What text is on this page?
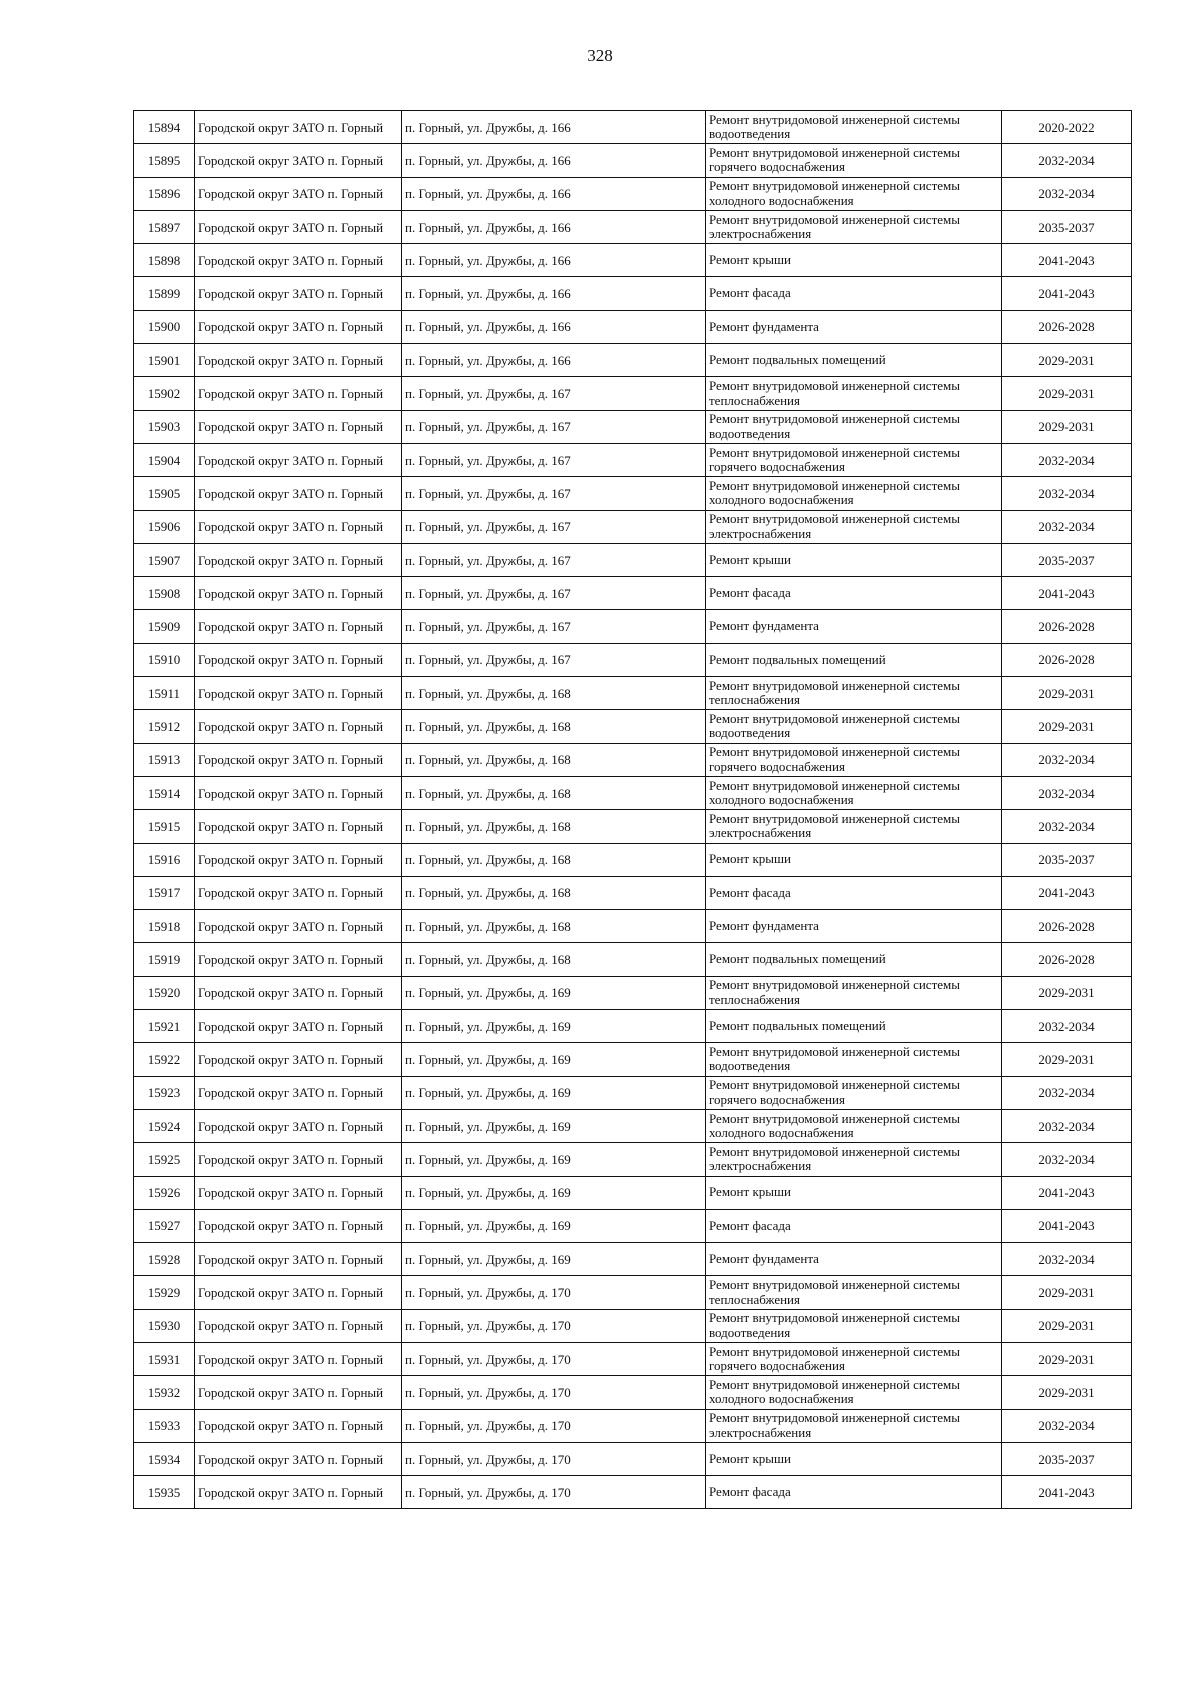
328
15894	Городской округ ЗАТО п. Горный	п. Горный, ул. Дружбы, д. 166	Ремонт внутридомовой инженерной системы водоотведения	2020-2022
15895	Городской округ ЗАТО п. Горный	п. Горный, ул. Дружбы, д. 166	Ремонт внутридомовой инженерной системы горячего водоснабжения	2032-2034
15896	Городской округ ЗАТО п. Горный	п. Горный, ул. Дружбы, д. 166	Ремонт внутридомовой инженерной системы холодного водоснабжения	2032-2034
15897	Городской округ ЗАТО п. Горный	п. Горный, ул. Дружбы, д. 166	Ремонт внутридомовой инженерной системы электроснабжения	2035-2037
15898	Городской округ ЗАТО п. Горный	п. Горный, ул. Дружбы, д. 166	Ремонт крыши	2041-2043
15899	Городской округ ЗАТО п. Горный	п. Горный, ул. Дружбы, д. 166	Ремонт фасада	2041-2043
15900	Городской округ ЗАТО п. Горный	п. Горный, ул. Дружбы, д. 166	Ремонт фундамента	2026-2028
15901	Городской округ ЗАТО п. Горный	п. Горный, ул. Дружбы, д. 166	Ремонт подвальных помещений	2029-2031
15902	Городской округ ЗАТО п. Горный	п. Горный, ул. Дружбы, д. 167	Ремонт внутридомовой инженерной системы теплоснабжения	2029-2031
15903	Городской округ ЗАТО п. Горный	п. Горный, ул. Дружбы, д. 167	Ремонт внутридомовой инженерной системы водоотведения	2029-2031
15904	Городской округ ЗАТО п. Горный	п. Горный, ул. Дружбы, д. 167	Ремонт внутридомовой инженерной системы горячего водоснабжения	2032-2034
15905	Городской округ ЗАТО п. Горный	п. Горный, ул. Дружбы, д. 167	Ремонт внутридомовой инженерной системы холодного водоснабжения	2032-2034
15906	Городской округ ЗАТО п. Горный	п. Горный, ул. Дружбы, д. 167	Ремонт внутридомовой инженерной системы электроснабжения	2032-2034
15907	Городской округ ЗАТО п. Горный	п. Горный, ул. Дружбы, д. 167	Ремонт крыши	2035-2037
15908	Городской округ ЗАТО п. Горный	п. Горный, ул. Дружбы, д. 167	Ремонт фасада	2041-2043
15909	Городской округ ЗАТО п. Горный	п. Горный, ул. Дружбы, д. 167	Ремонт фундамента	2026-2028
15910	Городской округ ЗАТО п. Горный	п. Горный, ул. Дружбы, д. 167	Ремонт подвальных помещений	2026-2028
15911	Городской округ ЗАТО п. Горный	п. Горный, ул. Дружбы, д. 168	Ремонт внутридомовой инженерной системы теплоснабжения	2029-2031
15912	Городской округ ЗАТО п. Горный	п. Горный, ул. Дружбы, д. 168	Ремонт внутридомовой инженерной системы водоотведения	2029-2031
15913	Городской округ ЗАТО п. Горный	п. Горный, ул. Дружбы, д. 168	Ремонт внутридомовой инженерной системы горячего водоснабжения	2032-2034
15914	Городской округ ЗАТО п. Горный	п. Горный, ул. Дружбы, д. 168	Ремонт внутридомовой инженерной системы холодного водоснабжения	2032-2034
15915	Городской округ ЗАТО п. Горный	п. Горный, ул. Дружбы, д. 168	Ремонт внутридомовой инженерной системы электроснабжения	2032-2034
15916	Городской округ ЗАТО п. Горный	п. Горный, ул. Дружбы, д. 168	Ремонт крыши	2035-2037
15917	Городской округ ЗАТО п. Горный	п. Горный, ул. Дружбы, д. 168	Ремонт фасада	2041-2043
15918	Городской округ ЗАТО п. Горный	п. Горный, ул. Дружбы, д. 168	Ремонт фундамента	2026-2028
15919	Городской округ ЗАТО п. Горный	п. Горный, ул. Дружбы, д. 168	Ремонт подвальных помещений	2026-2028
15920	Городской округ ЗАТО п. Горный	п. Горный, ул. Дружбы, д. 169	Ремонт внутридомовой инженерной системы теплоснабжения	2029-2031
15921	Городской округ ЗАТО п. Горный	п. Горный, ул. Дружбы, д. 169	Ремонт подвальных помещений	2032-2034
15922	Городской округ ЗАТО п. Горный	п. Горный, ул. Дружбы, д. 169	Ремонт внутридомовой инженерной системы водоотведения	2029-2031
15923	Городской округ ЗАТО п. Горный	п. Горный, ул. Дружбы, д. 169	Ремонт внутридомовой инженерной системы горячего водоснабжения	2032-2034
15924	Городской округ ЗАТО п. Горный	п. Горный, ул. Дружбы, д. 169	Ремонт внутридомовой инженерной системы холодного водоснабжения	2032-2034
15925	Городской округ ЗАТО п. Горный	п. Горный, ул. Дружбы, д. 169	Ремонт внутридомовой инженерной системы электроснабжения	2032-2034
15926	Городской округ ЗАТО п. Горный	п. Горный, ул. Дружбы, д. 169	Ремонт крыши	2041-2043
15927	Городской округ ЗАТО п. Горный	п. Горный, ул. Дружбы, д. 169	Ремонт фасада	2041-2043
15928	Городской округ ЗАТО п. Горный	п. Горный, ул. Дружбы, д. 169	Ремонт фундамента	2032-2034
15929	Городской округ ЗАТО п. Горный	п. Горный, ул. Дружбы, д. 170	Ремонт внутридомовой инженерной системы теплоснабжения	2029-2031
15930	Городской округ ЗАТО п. Горный	п. Горный, ул. Дружбы, д. 170	Ремонт внутридомовой инженерной системы водоотведения	2029-2031
15931	Городской округ ЗАТО п. Горный	п. Горный, ул. Дружбы, д. 170	Ремонт внутридомовой инженерной системы горячего водоснабжения	2029-2031
15932	Городской округ ЗАТО п. Горный	п. Горный, ул. Дружбы, д. 170	Ремонт внутридомовой инженерной системы холодного водоснабжения	2029-2031
15933	Городской округ ЗАТО п. Горный	п. Горный, ул. Дружбы, д. 170	Ремонт внутридомовой инженерной системы электроснабжения	2032-2034
15934	Городской округ ЗАТО п. Горный	п. Горный, ул. Дружбы, д. 170	Ремонт крыши	2035-2037
15935	Городской округ ЗАТО п. Горный	п. Горный, ул. Дружбы, д. 170	Ремонт фасада	2041-2043
